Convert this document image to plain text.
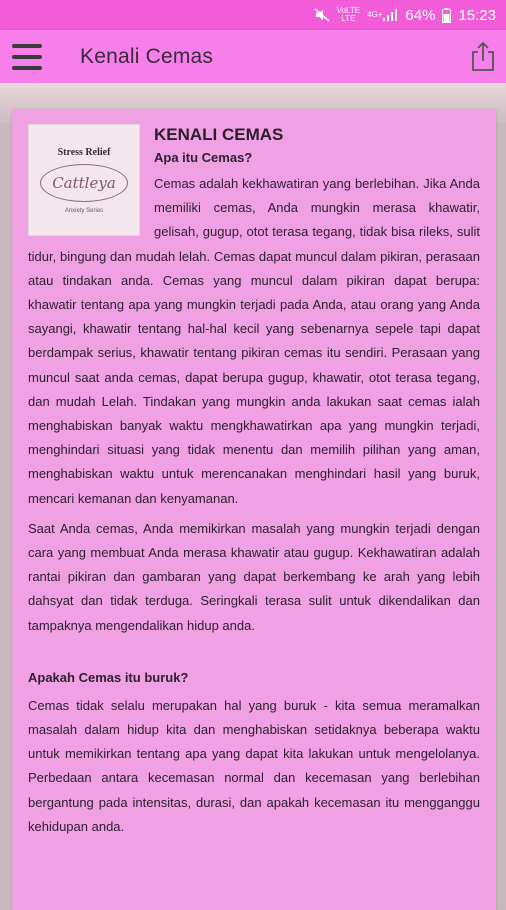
VoLTE
LTE	4G+ 64% 15:23
Kenali Cemas
Stress Relief
Cattleya
Anxiety Series
KENALI CEMAS
Apa itu Cemas?

Cemas adalah kekhawatiran yang berlebihan. Jika Anda memiliki cemas, Anda mungkin merasa khawatir, gelisah, gugup, otot terasa tegang, tidak bisa rileks, sulit tidur, bingung dan mudah lelah. Cemas dapat muncul dalam pikiran, perasaan atau tindakan anda. Cemas yang muncul dalam pikiran dapat berupa: khawatir tentang apa yang mungkin terjadi pada Anda, atau orang yang Anda sayangi, khawatir tentang hal-hal kecil yang sebenarnya sepele tapi dapat berdampak serius, khawatir tentang pikiran cemas itu sendiri. Perasaan yang muncul saat anda cemas, dapat berupa gugup, khawatir, otot terasa tegang, dan mudah Lelah. Tindakan yang mungkin anda lakukan saat cemas ialah menghabiskan banyak waktu mengkhawatirkan apa yang mungkin terjadi, menghindari situasi yang tidak menentu dan memilih pilihan yang aman, menghabiskan waktu untuk merencanakan menghindari hasil yang buruk, mencari kemanan dan kenyamanan.

Saat Anda cemas, Anda memikirkan masalah yang mungkin terjadi dengan cara yang membuat Anda merasa khawatir atau gugup. Kekhawatiran adalah rantai pikiran dan gambaran yang dapat berkembang ke arah yang lebih dahsyat dan tidak terduga. Seringkali terasa sulit untuk dikendalikan dan tampaknya mengendalikan hidup anda.

Apakah Cemas itu buruk?

Cemas tidak selalu merupakan hal yang buruk - kita semua meramalkan masalah dalam hidup kita dan menghabiskan setidaknya beberapa waktu untuk memikirkan tentang apa yang dapat kita lakukan untuk mengelolanya. Perbedaan antara kecemasan normal dan kecemasan yang berlebihan bergantung pada intensitas, durasi, dan apakah kecemasan itu mengganggu kehidupan anda.
